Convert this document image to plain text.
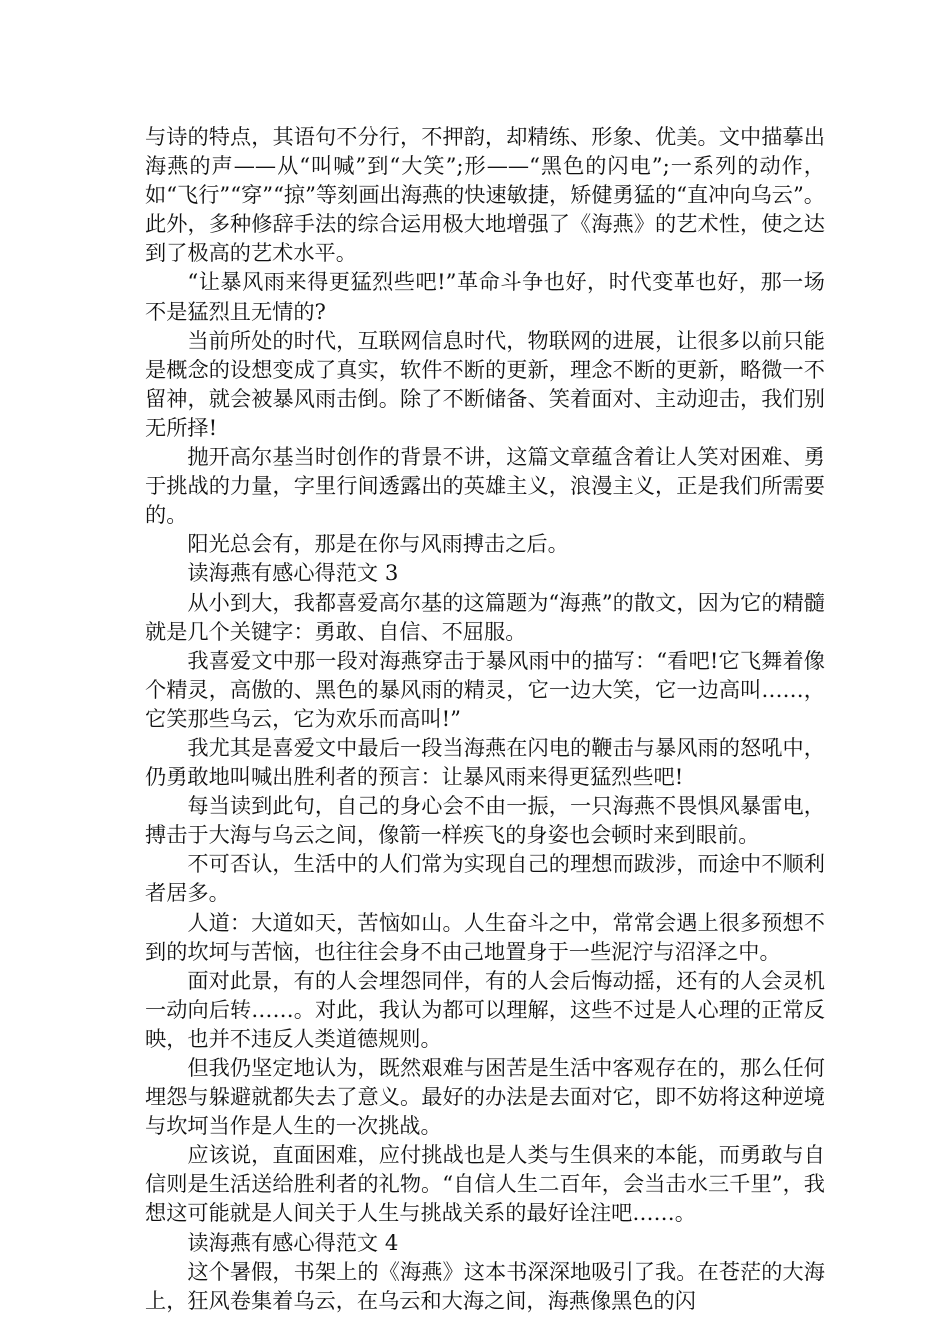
与诗的特点，其语句不分行，不押韵，却精练、形象、优美。文中描摹出海燕的声——从“叫喊”到“大笑”;形——“黑色的闪电”;一系列的动作，如“飞行”“穿”“掠”等刻画出海燕的快速敏捷，矫健勇猛的“直冲向乌云”。此外，多种修辞手法的综合运用极大地增强了《海燕》的艺术性，使之达到了极高的艺术水平。

“让暴风雨来得更猛烈些吧!”革命斗争也好，时代变革也好，那一场不是猛烈且无情的?

当前所处的时代，互联网信息时代，物联网的进展，让很多以前只能是概念的设想变成了真实，软件不断的更新，理念不断的更新，略微一不留神，就会被暴风雨击倒。除了不断储备、笑着面对、主动迎击，我们别无所择!

抛开高尔基当时创作的背景不讲，这篇文章蕴含着让人笑对困难、勇于挑战的力量，字里行间透露出的英雄主义，浪漫主义，正是我们所需要的。

阳光总会有，那是在你与风雨搏击之后。

读海燕有感心得范文 3

从小到大，我都喜爱高尔基的这篇题为“海燕”的散文，因为它的精髓就是几个关键字：勇敢、自信、不屈服。

我喜爱文中那一段对海燕穿击于暴风雨中的描写：“看吧!它飞舞着像个精灵，高傲的、黑色的暴风雨的精灵，它一边大笑，它一边高叫……，它笑那些乌云，它为欢乐而高叫!”

我尤其是喜爱文中最后一段当海燕在闪电的鞭击与暴风雨的怒吼中，仍勇敢地叫喊出胜利者的预言：让暴风雨来得更猛烈些吧!

每当读到此句，自己的身心会不由一振，一只海燕不畏惧风暴雷电，搏击于大海与乌云之间，像箭一样疾飞的身姿也会顿时来到眼前。

不可否认，生活中的人们常为实现自己的理想而跋涉，而途中不顺利者居多。

人道：大道如天，苦恼如山。人生奋斗之中，常常会遇上很多预想不到的坎坷与苦恼，也往往会身不由己地置身于一些泥泞与沼泽之中。

面对此景，有的人会埋怨同伴，有的人会后悔动摇，还有的人会灵机一动向后转……。对此，我认为都可以理解，这些不过是人心理的正常反映，也并不违反人类道德规则。

但我仍坚定地认为，既然艰难与困苦是生活中客观存在的，那么任何埋怨与躲避就都失去了意义。最好的办法是去面对它，即不妨将这种逆境与坎坷当作是人生的一次挑战。

应该说，直面困难，应付挑战也是人类与生俱来的本能，而勇敢与自信则是生活送给胜利者的礼物。“自信人生二百年，会当击水三千里”，我想这可能就是人间关于人生与挑战关系的最好诠注吧……。

读海燕有感心得范文 4

这个暑假，书架上的《海燕》这本书深深地吸引了我。在苍茫的大海上，狂风卷集着乌云，在乌云和大海之间，海燕像黑色的闪
